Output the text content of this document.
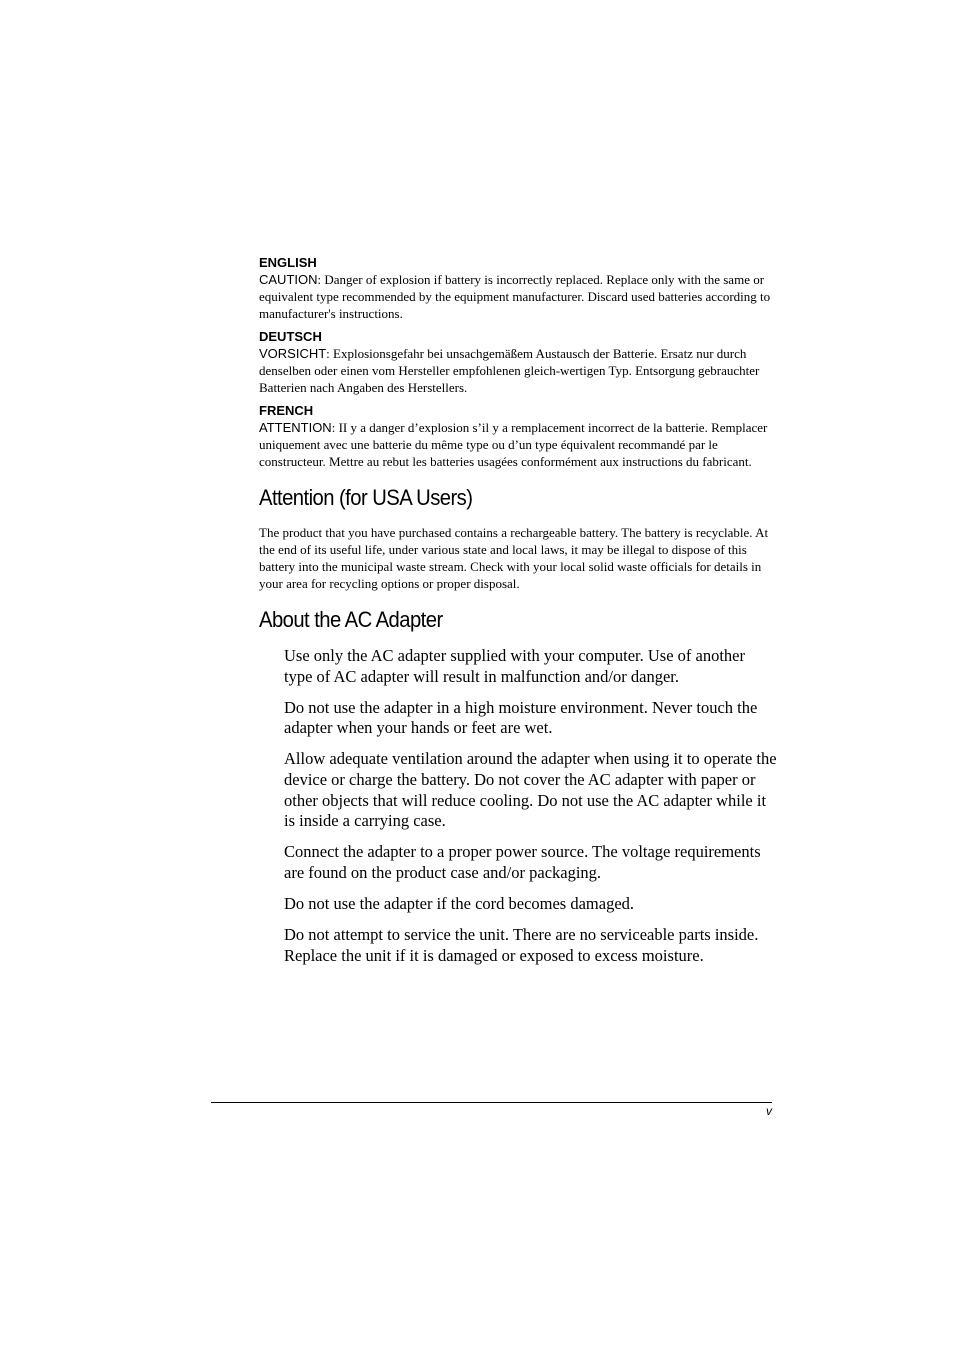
ENGLISH

CAUTION: Danger of explosion if battery is incorrectly replaced. Replace only with the same or equivalent type recommended by the equipment manufacturer. Discard used batteries according to manufacturer's instructions.

DEUTSCH

VORSICHT: Explosionsgefahr bei unsachgemäßem Austausch der Batterie. Ersatz nur durch denselben oder einen vom Hersteller empfohlenen gleich-wertigen Typ. Entsorgung gebrauchter Batterien nach Angaben des Herstellers.

FRENCH

ATTENTION: II y a danger d’explosion s’il y a remplacement incorrect de la batterie. Remplacer uniquement avec une batterie du même type ou d’un type équivalent recommandé par le constructeur. Mettre au rebut les batteries usagées conformément aux instructions du fabricant.

Attention (for USA Users)

The product that you have purchased contains a rechargeable battery. The battery is recyclable. At the end of its useful life, under various state and local laws, it may be illegal to dispose of this battery into the municipal waste stream. Check with your local solid waste officials for details in your area for recycling options or proper disposal.

About the AC Adapter
Use only the AC adapter supplied with your computer. Use of another type of AC adapter will result in malfunction and/or danger.
Do not use the adapter in a high moisture environment. Never touch the adapter when your hands or feet are wet.
Allow adequate ventilation around the adapter when using it to operate the device or charge the battery. Do not cover the AC adapter with paper or other objects that will reduce cooling. Do not use the AC adapter while it is inside a carrying case.
Connect the adapter to a proper power source. The voltage requirements are found on the product case and/or packaging.
Do not use the adapter if the cord becomes damaged.
Do not attempt to service the unit. There are no serviceable parts inside. Replace the unit if it is damaged or exposed to excess moisture.
v
